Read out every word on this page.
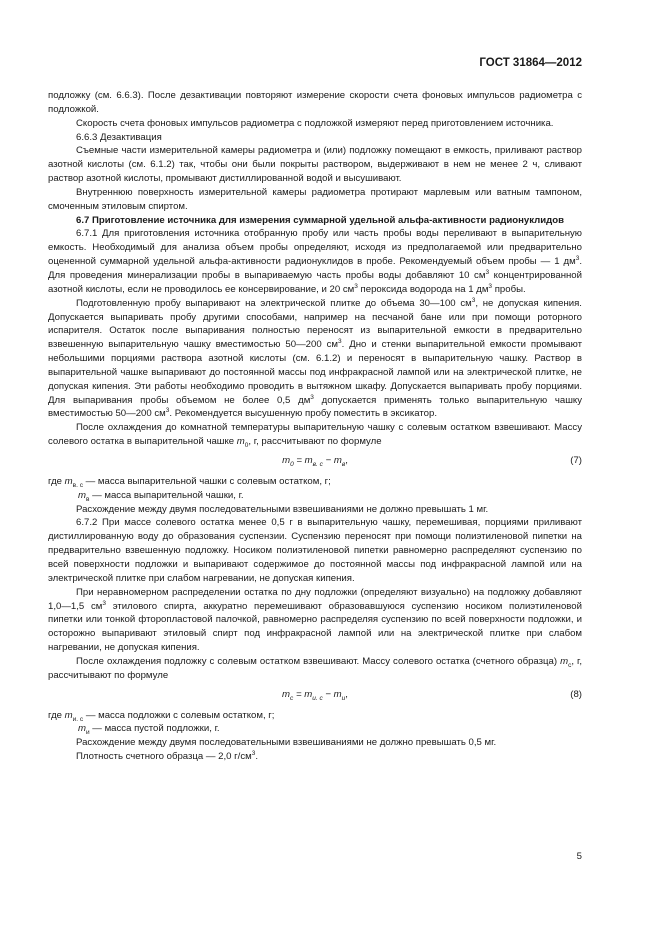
ГОСТ 31864—2012

подложку (см. 6.6.3). После дезактивации повторяют измерение скорости счета фоновых импульсов радиометра с подложкой.

Скорость счета фоновых импульсов радиометра с подложкой измеряют перед приготовлением источника.

6.6.3 Дезактивация

Съемные части измерительной камеры радиометра и (или) подложку помещают в емкость, приливают раствор азотной кислоты (см. 6.1.2) так, чтобы они были покрыты раствором, выдерживают в нем не менее 2 ч, сливают раствор азотной кислоты, промывают дистиллированной водой и высушивают.

Внутреннюю поверхность измерительной камеры радиометра протирают марлевым или ватным тампоном, смоченным этиловым спиртом.

6.7 Приготовление источника для измерения суммарной удельной альфа-активности радионуклидов

6.7.1 Для приготовления источника отобранную пробу или часть пробы воды переливают в выпарительную емкость. Необходимый для анализа объем пробы определяют, исходя из предполагаемой или предварительно оцененной суммарной удельной альфа-активности радионуклидов в пробе. Рекомендуемый объем пробы — 1 $дм^3$. Для проведения минерализации пробы в выпариваемую часть пробы воды добавляют 10 $см^3$ концентрированной азотной кислоты, если не проводилось ее консервирование, и 20 $см^3$ пероксида водорода на 1 $дм^3$ пробы.

Подготовленную пробу выпаривают на электрической плитке до объема 30—100 $см^3$, не допуская кипения. Допускается выпаривать пробу другими способами, например на песчаной бане или при помощи роторного испарителя. Остаток после выпаривания полностью переносят из выпарительной емкости в предварительно взвешенную выпарительную чашку вместимостью 50—200 $см^3$. Дно и стенки выпарительной емкости промывают небольшими порциями раствора азотной кислоты (см. 6.1.2) и переносят в выпарительную чашку. Раствор в выпарительной чашке выпаривают до постоянной массы под инфракрасной лампой или на электрической плитке, не допуская кипения. Эти работы необходимо проводить в вытяжном шкафу. Допускается выпаривать пробу порциями. Для выпаривания пробы объемом не более 0,5 $дм^3$ допускается применять только выпарительную чашку вместимостью 50—200 $см^3$. Рекомендуется высушенную пробу поместить в эксикатор.

После охлаждения до комнатной температуры выпарительную чашку с солевым остатком взвешивают. Массу солевого остатка в выпарительной чашке $m_0$, г, рассчитывают по формуле

$m_0 = m_{в. с} - m_в$,	(7)

где $m_{в. с}$ — масса выпарительной чашки с солевым остатком, г;

$m_в$ — масса выпарительной чашки, г.

Расхождение между двумя последовательными взвешиваниями не должно превышать 1 мг.

6.7.2 При массе солевого остатка менее 0,5 г в выпарительную чашку, перемешивая, порциями приливают дистиллированную воду до образования суспензии. Суспензию переносят при помощи полиэтиленовой пипетки на предварительно взвешенную подложку. Носиком полиэтиленовой пипетки равномерно распределяют суспензию по всей поверхности подложки и выпаривают содержимое до постоянной массы под инфракрасной лампой или на электрической плитке при слабом нагревании, не допуская кипения.

При неравномерном распределении остатка по дну подложки (определяют визуально) на подложку добавляют 1,0—1,5 $см^3$ этилового спирта, аккуратно перемешивают образовавшуюся суспензию носиком полиэтиленовой пипетки или тонкой фторопластовой палочкой, равномерно распределяя суспензию по всей поверхности подложки, и осторожно выпаривают этиловый спирт под инфракрасной лампой или на электрической плитке при слабом нагревании, не допуская кипения.

После охлаждения подложку с солевым остатком взвешивают. Массу солевого остатка (счетного образца) $m_с$, г, рассчитывают по формуле

$m_с = m_{и. с} - m_и$,	(8)

где $m_{и. с}$ — масса подложки с солевым остатком, г;

$m_и$ — масса пустой подложки, г.

Расхождение между двумя последовательными взвешиваниями не должно превышать 0,5 мг.

Плотность счетного образца — 2,0 $г/см^3$.

5
